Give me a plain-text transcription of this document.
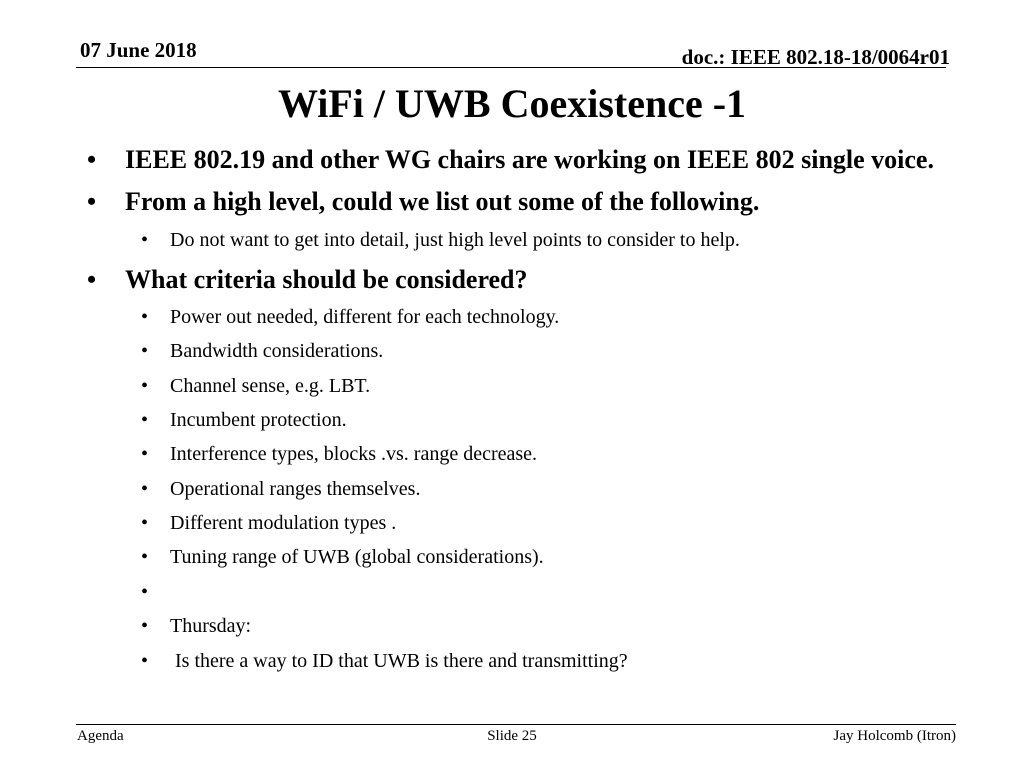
07 June 2018	doc.: IEEE 802.18-18/0064r01
WiFi / UWB Coexistence -1
• IEEE 802.19 and other WG chairs are working on IEEE 802 single voice.
• From a high level, could we list out some of the following.
• Do not want to get into detail, just high level points to consider to help.
• What criteria should be considered?
• Power out needed, different for each technology.
• Bandwidth considerations.
• Channel sense, e.g. LBT.
• Incumbent protection.
• Interference types, blocks .vs. range decrease.
• Operational ranges themselves.
• Different modulation types .
• Tuning range of UWB (global considerations).
•
• Thursday:
• Is there a way to ID that UWB is there and transmitting?
Agenda	Slide 25	Jay Holcomb (Itron)
